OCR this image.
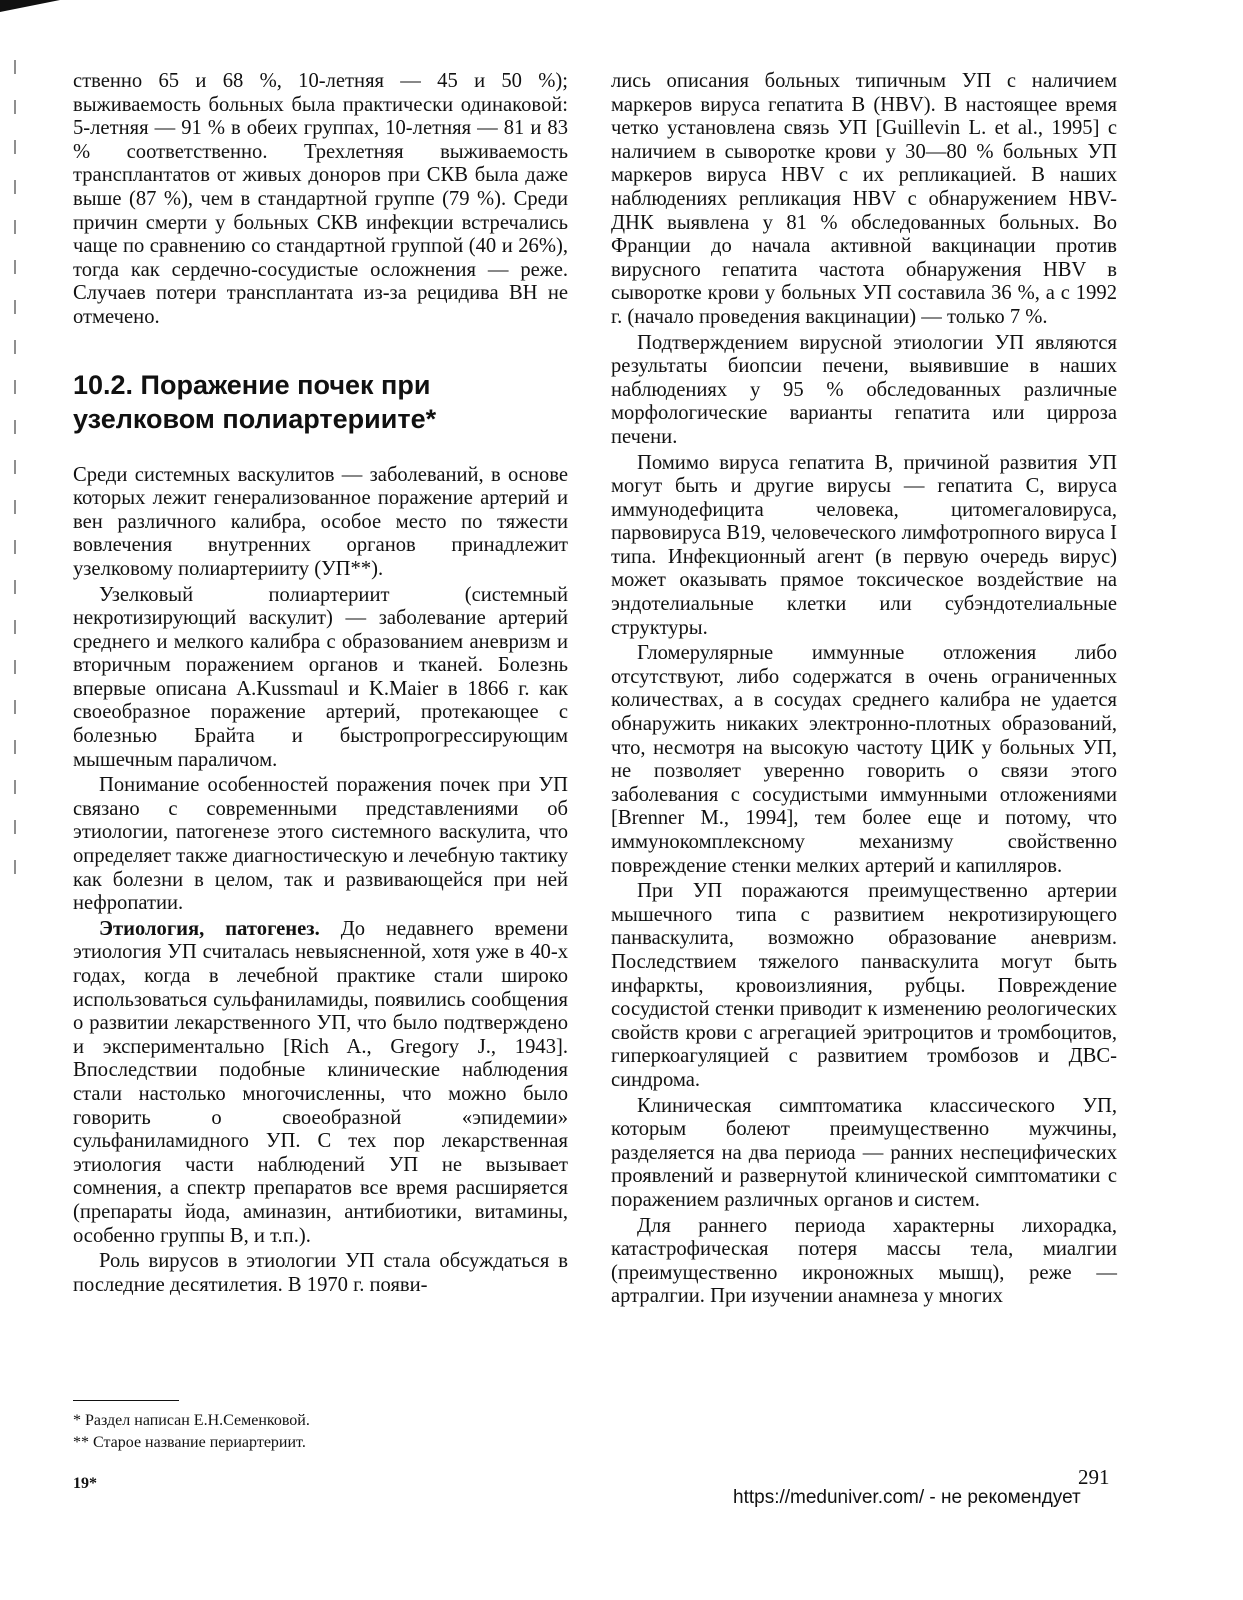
ственно 65 и 68 %, 10-летняя — 45 и 50 %); выживаемость больных была практически одинаковой: 5-летняя — 91 % в обеих группах, 10-летняя — 81 и 83 % соответственно. Трехлетняя выживаемость трансплантатов от живых доноров при СКВ была даже выше (87 %), чем в стандартной группе (79 %). Среди причин смерти у больных СКВ инфекции встречались чаще по сравнению со стандартной группой (40 и 26%), тогда как сердечно-сосудистые осложнения — реже. Случаев потери трансплантата из-за рецидива ВН не отмечено.

10.2. Поражение почек при
узелковом полиартериите*

Среди системных васкулитов — заболеваний, в основе которых лежит генерализованное поражение артерий и вен различного калибра, особое место по тяжести вовлечения внутренних органов принадлежит узелковому полиартерииту (УП**).

Узелковый полиартериит (системный некротизирующий васкулит) — заболевание артерий среднего и мелкого калибра с образованием аневризм и вторичным поражением органов и тканей. Болезнь впервые описана A.Kussmaul и K.Maier в 1866 г. как своеобразное поражение артерий, протекающее с болезнью Брайта и быстропрогрессирующим мышечным параличом.

Понимание особенностей поражения почек при УП связано с современными представлениями об этиологии, патогенезе этого системного васкулита, что определяет также диагностическую и лечебную тактику как болезни в целом, так и развивающейся при ней нефропатии.

Этиология, патогенез. До недавнего времени этиология УП считалась невыясненной, хотя уже в 40-х годах, когда в лечебной практике стали широко использоваться сульфаниламиды, появились сообщения о развитии лекарственного УП, что было подтверждено и экспериментально [Rich A., Gregory J., 1943]. Впоследствии подобные клинические наблюдения стали настолько многочисленны, что можно было говорить о своеобразной «эпидемии» сульфаниламидного УП. С тех пор лекарственная этиология части наблюдений УП не вызывает сомнения, а спектр препаратов все время расширяется (препараты йода, аминазин, антибиотики, витамины, особенно группы В, и т.п.).

Роль вирусов в этиологии УП стала обсуждаться в последние десятилетия. В 1970 г. появи-

лись описания больных типичным УП с наличием маркеров вируса гепатита В (HBV). В настоящее время четко установлена связь УП [Guillevin L. et al., 1995] с наличием в сыворотке крови у 30—80 % больных УП маркеров вируса HBV с их репликацией. В наших наблюдениях репликация HBV с обнаружением HBV-ДНК выявлена у 81 % обследованных больных. Во Франции до начала активной вакцинации против вирусного гепатита частота обнаружения HBV в сыворотке крови у больных УП составила 36 %, а с 1992 г. (начало проведения вакцинации) — только 7 %.

Подтверждением вирусной этиологии УП являются результаты биопсии печени, выявившие в наших наблюдениях у 95 % обследованных различные морфологические варианты гепатита или цирроза печени.

Помимо вируса гепатита В, причиной развития УП могут быть и другие вирусы — гепатита С, вируса иммунодефицита человека, цитомегаловируса, парвовируса В19, человеческого лимфотропного вируса I типа. Инфекционный агент (в первую очередь вирус) может оказывать прямое токсическое воздействие на эндотелиальные клетки или субэндотелиальные структуры.

Гломерулярные иммунные отложения либо отсутствуют, либо содержатся в очень ограниченных количествах, а в сосудах среднего калибра не удается обнаружить никаких электронно-плотных образований, что, несмотря на высокую частоту ЦИК у больных УП, не позволяет уверенно говорить о связи этого заболевания с сосудистыми иммунными отложениями [Brenner M., 1994], тем более еще и потому, что иммунокомплексному механизму свойственно повреждение стенки мелких артерий и капилляров.

При УП поражаются преимущественно артерии мышечного типа с развитием некротизирующего панваскулита, возможно образование аневризм. Последствием тяжелого панваскулита могут быть инфаркты, кровоизлияния, рубцы. Повреждение сосудистой стенки приводит к изменению реологических свойств крови с агрегацией эритроцитов и тромбоцитов, гиперкоагуляцией с развитием тромбозов и ДВС-синдрома.

Клиническая симптоматика классического УП, которым болеют преимущественно мужчины, разделяется на два периода — ранних неспецифических проявлений и развернутой клинической симптоматики с поражением различных органов и систем.

Для раннего периода характерны лихорадка, катастрофическая потеря массы тела, миалгии (преимущественно икроножных мышц), реже — артралгии. При изучении анамнеза у многих

* Раздел написан Е.Н.Семенковой.
** Старое название периартериит.
19*	291
https://meduniver.com/ - не рекомендует
